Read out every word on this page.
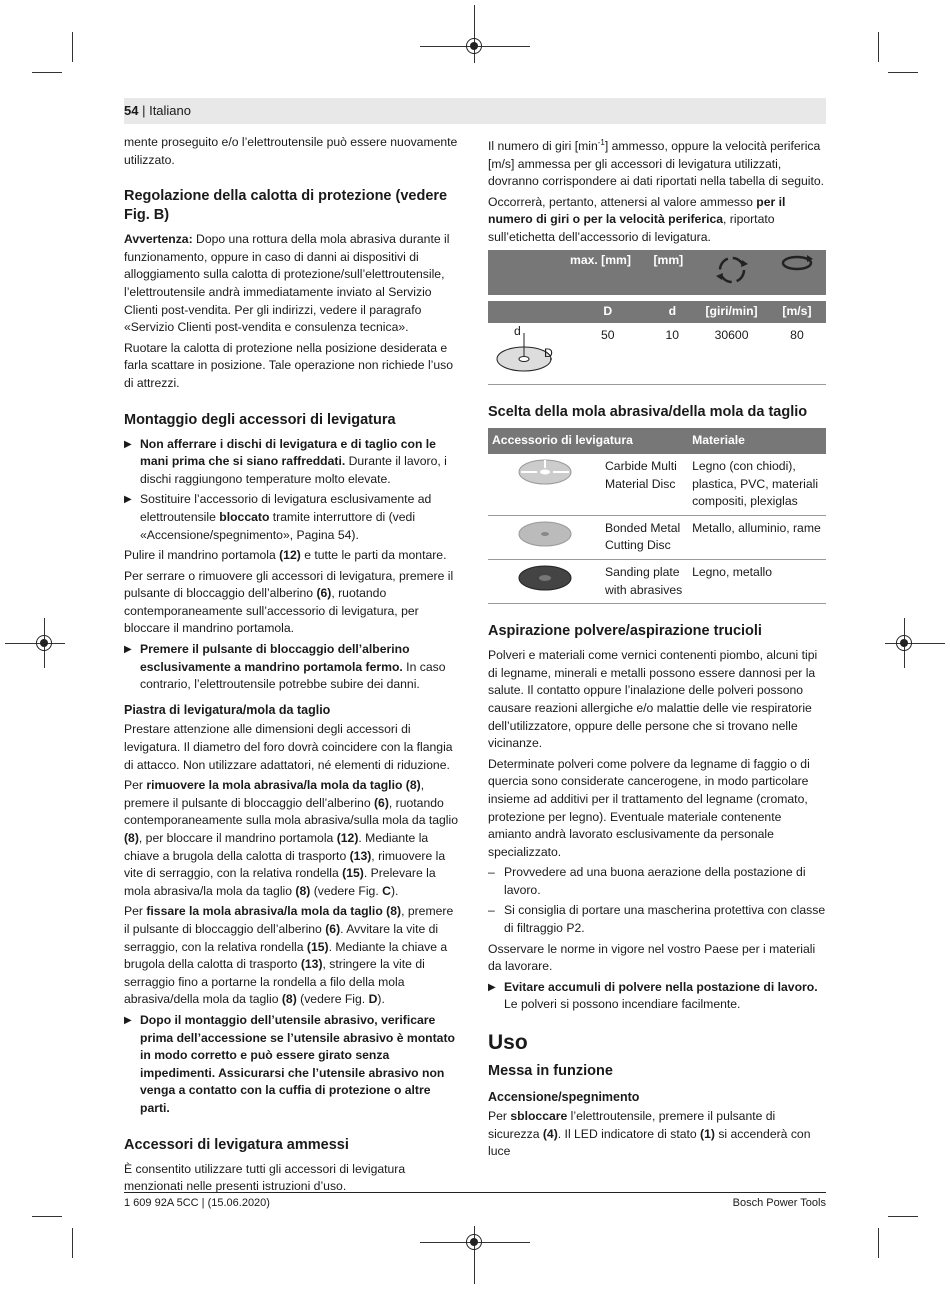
54 | Italiano

mente proseguito e/o l’elettroutensile può essere nuovamente utilizzato.

Regolazione della calotta di protezione (vedere Fig. B)

Avvertenza: Dopo una rottura della mola abrasiva durante il funzionamento, oppure in caso di danni ai dispositivi di alloggiamento sulla calotta di protezione/sull’elettroutensile, l’elettroutensile andrà immediatamente inviato al Servizio Clienti post-vendita. Per gli indirizzi, vedere il paragrafo «Servizio Clienti post-vendita e consulenza tecnica».

Ruotare la calotta di protezione nella posizione desiderata e farla scattare in posizione. Tale operazione non richiede l’uso di attrezzi.

Montaggio degli accessori di levigatura
▶ Non afferrare i dischi di levigatura e di taglio con le mani prima che si siano raffreddati. Durante il lavoro, i dischi raggiungono temperature molto elevate.
▶ Sostituire l’accessorio di levigatura esclusivamente ad elettroutensile bloccato tramite interruttore di (vedi «Accensione/spegnimento», Pagina 54).

Pulire il mandrino portamola (12) e tutte le parti da montare.

Per serrare o rimuovere gli accessori di levigatura, premere il pulsante di bloccaggio dell’alberino (6), ruotando contemporaneamente sull’accessorio di levigatura, per bloccare il mandrino portamola.

▶ Premere il pulsante di bloccaggio dell’alberino esclusivamente a mandrino portamola fermo. In caso contrario, l’elettroutensile potrebbe subire dei danni.
Piastra di levigatura/mola da taglio

Prestare attenzione alle dimensioni degli accessori di levigatura. Il diametro del foro dovrà coincidere con la flangia di attacco. Non utilizzare adattatori, né elementi di riduzione.

Per rimuovere la mola abrasiva/la mola da taglio (8), premere il pulsante di bloccaggio dell’alberino (6), ruotando contemporaneamente sulla mola abrasiva/sulla mola da taglio (8), per bloccare il mandrino portamola (12). Mediante la chiave a brugola della calotta di trasporto (13), rimuovere la vite di serraggio, con la relativa rondella (15). Prelevare la mola abrasiva/la mola da taglio (8) (vedere Fig. C).

Per fissare la mola abrasiva/la mola da taglio (8), premere il pulsante di bloccaggio dell’alberino (6). Avvitare la vite di serraggio, con la relativa rondella (15). Mediante la chiave a brugola della calotta di trasporto (13), stringere la vite di serraggio fino a portarne la rondella a filo della mola abrasiva/della mola da taglio (8) (vedere Fig. D).

▶ Dopo il montaggio dell’utensile abrasivo, verificare prima dell’accessione se l’utensile abrasivo è montato in modo corretto e può essere girato senza impedimenti. Assicurarsi che l’utensile abrasivo non venga a contatto con la cuffia di protezione o altre parti.
Accessori di levigatura ammessi

È consentito utilizzare tutti gli accessori di levigatura menzionati nelle presenti istruzioni d’uso.

Il numero di giri $[\min^{-1}]$ ammesso, oppure la velocità periferica [m/s] ammessa per gli accessori di levigatura utilizzati, dovranno corrispondere ai dati riportati nella tabella di seguito.

Occorrerà, pertanto, attenersi al valore ammesso per il numero di giri o per la velocità periferica, riportato sull’etichetta dell’accessorio di levigatura.

	max. [mm]	[mm]		

	D	d	[giri/min]	[m/s]

d
D	50	10	30600	80
Scelta della mola abrasiva/della mola da taglio
Accessorio di levigatura		Materiale
	Carbide Multi Material Disc	Legno (con chiodi), plastica, PVC, materiali compositi, plexiglas
	Bonded Metal Cutting Disc	Metallo, alluminio, rame
	Sanding plate with abrasives	Legno, metallo
Aspirazione polvere/aspirazione trucioli

Polveri e materiali come vernici contenenti piombo, alcuni tipi di legname, minerali e metalli possono essere dannosi per la salute. Il contatto oppure l’inalazione delle polveri possono causare reazioni allergiche e/o malattie delle vie respiratorie dell’utilizzatore, oppure delle persone che si trovano nelle vicinanze.

Determinate polveri come polvere da legname di faggio o di quercia sono considerate cancerogene, in modo particolare insieme ad additivi per il trattamento del legname (cromato, protezione per legno). Eventuale materiale contenente amianto andrà lavorato esclusivamente da personale specializzato.

– Provvedere ad una buona aerazione della postazione di lavoro.
– Si consiglia di portare una mascherina protettiva con classe di filtraggio P2.

Osservare le norme in vigore nel vostro Paese per i materiali da lavorare.

▶ Evitare accumuli di polvere nella postazione di lavoro. Le polveri si possono incendiare facilmente.
Uso
Messa in funzione
Accensione/spegnimento

Per sbloccare l’elettroutensile, premere il pulsante di sicurezza (4). Il LED indicatore di stato (1) si accenderà con luce

1 609 92A 5CC | (15.06.2020)	Bosch Power Tools
